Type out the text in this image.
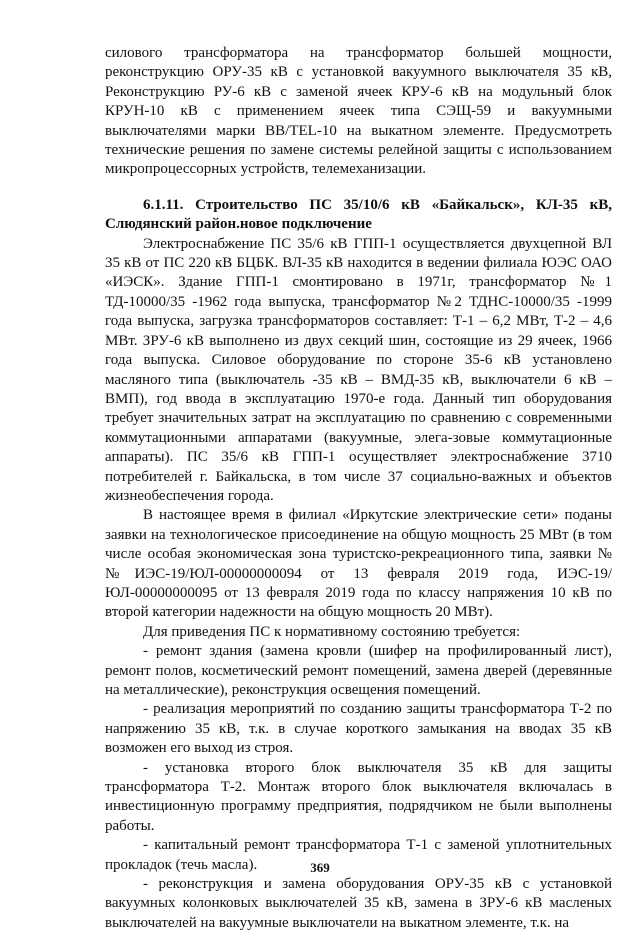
силового трансформатора на трансформатор большей мощности, реконструкцию ОРУ-35 кВ с установкой вакуумного выключателя 35 кВ, Реконструкцию РУ-6 кВ с заменой ячеек КРУ-6 кВ на модульный блок КРУН-10 кВ с применением ячеек типа СЭЩ-59 и вакуумными выключателями марки ВВ/TEL-10 на выкатном элементе. Предусмотреть технические решения по замене системы релейной защиты с использованием микропроцессорных устройств, телемеханизации.

6.1.11. Строительство ПС 35/10/6 кВ «Байкальск», КЛ-35 кВ, Слюдянский район.новое подключение

Электроснабжение ПС 35/6 кВ ГПП-1 осуществляется двухцепной ВЛ 35 кВ от ПС 220 кВ БЦБК. ВЛ-35 кВ находится в ведении филиала ЮЭС ОАО «ИЭСК». Здание ГПП-1 смонтировано в 1971г, трансформатор №1 ТД-10000/35 -1962 года выпуска, трансформатор №2 ТДНС-10000/35 -1999 года выпуска, загрузка трансформаторов составляет: Т-1 – 6,2 МВт, Т-2 – 4,6 МВт. ЗРУ-6 кВ выполнено из двух секций шин, состоящие из 29 ячеек, 1966 года выпуска. Силовое оборудование по стороне 35-6 кВ установлено масляного типа (выключатель -35 кВ – ВМД-35 кВ, выключатели 6 кВ – ВМП), год ввода в эксплуатацию 1970-е года. Данный тип оборудования требует значительных затрат на эксплуатацию по сравнению с современными коммутационными аппаратами (вакуумные, элега-зовые коммутационные аппараты). ПС 35/6 кВ ГПП-1 осуществляет электроснабжение 3710 потребителей г. Байкальска, в том числе 37 социально-важных и объектов жизнеобеспечения города.

В настоящее время в филиал «Иркутские электрические сети» поданы заявки на технологическое присоединение на общую мощность 25 МВт (в том числе особая экономическая зона туристско-рекреационного типа, заявки №№ИЭС-19/ЮЛ-00000000094 от 13 февраля 2019 года, ИЭС-19/ЮЛ-00000000095 от 13 февраля 2019 года по классу напряжения 10 кВ по второй категории надежности на общую мощность 20 МВт).

Для приведения ПС к нормативному состоянию требуется:

- ремонт здания (замена кровли (шифер на профилированный лист), ремонт полов, косметический ремонт помещений, замена дверей (деревянные на металлические), реконструкция освещения помещений.

- реализация мероприятий по созданию защиты трансформатора Т-2 по напряжению 35 кВ, т.к. в случае короткого замыкания на вводах 35 кВ возможен его выход из строя.

- установка второго блок выключателя 35 кВ для защиты трансформатора Т-2. Монтаж второго блок выключателя включалась в инвестиционную программу предприятия, подрядчиком не были выполнены работы.

- капитальный ремонт трансформатора Т-1 с заменой уплотнительных прокладок (течь масла).

- реконструкция и замена оборудования ОРУ-35 кВ с установкой вакуумных колонковых выключателей 35 кВ, замена в ЗРУ-6 кВ масленых выключателей на вакуумные выключатели на выкатном элементе, т.к. на

369
